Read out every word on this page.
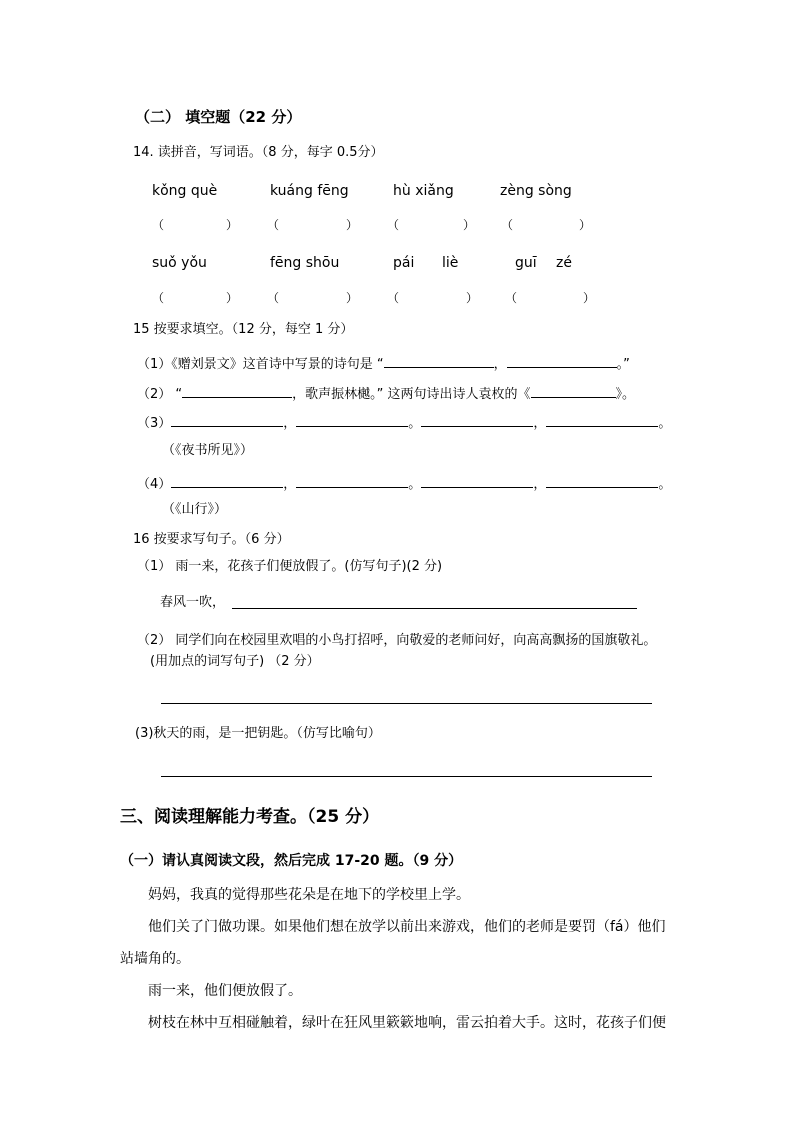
（二） 填空题（22 分）
14. 读拼音，写词语。（8 分，每字 0.5分）
kǒng què	kuáng fēng	hù xiǎng	zèng sòng
（	） （	） （	） （	）
suǒ yǒu	fēng shōu	pái liè	guī zé
（	） （	） （	） （	）
15 按要求填空。（12 分，每空 1 分）
（1）《赠刘景文》这首诗中写景的诗句是 “	，	。”
（2） “	，歌声振林樾。” 这两句诗出诗人袁枚的《	》。
（3）	，	。	，	。
（《夜书所见》）
（4）	，	。	，	。
（《山行》）
16 按要求写句子。（6 分）
（1） 雨一来，花孩子们便放假了。(仿写句子)(2 分)
春风一吹，
（2） 同学们向在校园里欢唱的小鸟打招呼，向敬爱的老师问好，向高高飘扬的国旗敬礼。
(用加点的词写句子) （2 分）
(3)秋天的雨，是一把钥匙。（仿写比喻句）
三、阅读理解能力考查。（25 分）
（一）请认真阅读文段，然后完成 17-20 题。（9 分）
妈妈，我真的觉得那些花朵是在地下的学校里上学。
他们关了门做功课。如果他们想在放学以前出来游戏，他们的老师是要罚（fá）他们
站墙角的。
雨一来，他们便放假了。
树枝在林中互相碰触着，绿叶在狂风里簌簌地响，雷云拍着大手。这时，花孩子们便
